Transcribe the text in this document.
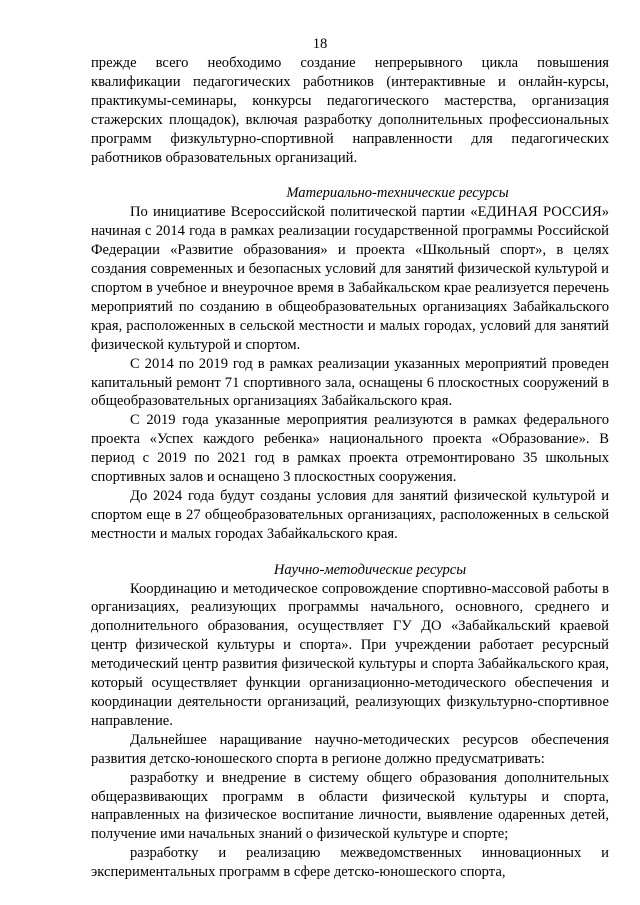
18

прежде всего необходимо создание непрерывного цикла повышения квалификации педагогических работников (интерактивные и онлайн-курсы, практикумы-семинары, конкурсы педагогического мастерства, организация стажерских площадок), включая разработку дополнительных профессиональных программ физкультурно-спортивной направленности для педагогических работников образовательных организаций.

Материально-технические ресурсы

По инициативе Всероссийской политической партии «ЕДИНАЯ РОССИЯ» начиная с 2014 года в рамках реализации государственной программы Российской Федерации «Развитие образования» и проекта «Школьный спорт», в целях создания современных и безопасных условий для занятий физической культурой и спортом в учебное и внеурочное время в Забайкальском крае реализуется перечень мероприятий по созданию в общеобразовательных организациях Забайкальского края, расположенных в сельской местности и малых городах, условий для занятий физической культурой и спортом.

С 2014 по 2019 год в рамках реализации указанных мероприятий проведен капитальный ремонт 71 спортивного зала, оснащены 6 плоскостных сооружений в общеобразовательных организациях Забайкальского края.

С 2019 года указанные мероприятия реализуются в рамках федерального проекта «Успех каждого ребенка» национального проекта «Образование». В период с 2019 по 2021 год в рамках проекта отремонтировано 35 школьных спортивных залов и оснащено 3 плоскостных сооружения.

До 2024 года будут созданы условия для занятий физической культурой и спортом еще в 27 общеобразовательных организациях, расположенных в сельской местности и малых городах Забайкальского края.

Научно-методические ресурсы

Координацию и методическое сопровождение спортивно-массовой работы в организациях, реализующих программы начального, основного, среднего и дополнительного образования, осуществляет ГУ ДО «Забайкальский краевой центр физической культуры и спорта». При учреждении работает ресурсный методический центр развития физической культуры и спорта Забайкальского края, который осуществляет функции организационно-методического обеспечения и координации деятельности организаций, реализующих физкультурно-спортивное направление.

Дальнейшее наращивание научно-методических ресурсов обеспечения развития детско-юношеского спорта в регионе должно предусматривать:

разработку и внедрение в систему общего образования дополнительных общеразвивающих программ в области физической культуры и спорта, направленных на физическое воспитание личности, выявление одаренных детей, получение ими начальных знаний о физической культуре и спорте;

разработку и реализацию межведомственных инновационных и экспериментальных программ в сфере детско-юношеского спорта,
